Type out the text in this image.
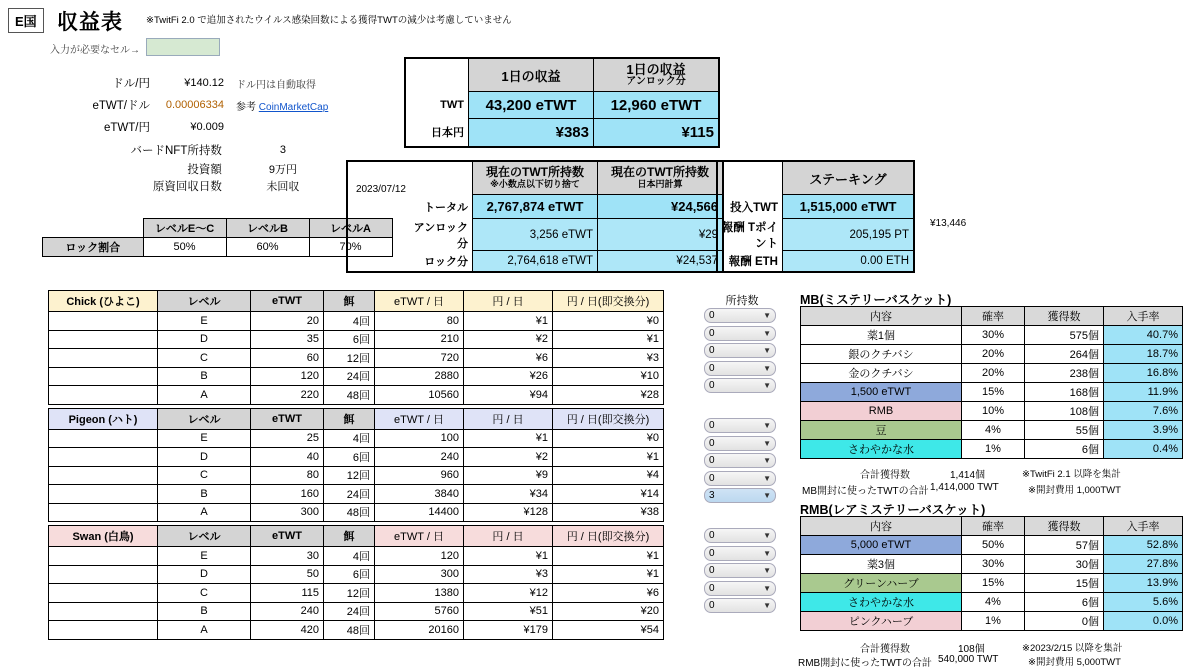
E国 収益表 ※TwitFi 2.0 で追加されたウイルス感染回数による獲得TWTの減少は考慮していません
入力が必要なセル→
ドル/円	¥140.12	ドル円は自動取得
eTWT/ドル	0.00006334	参考 CoinMarketCap
eTWT/円	¥0.009	
バードNFT所持数	3
投資額	9万円
原資回収日数	未回収
	レベルE～C	レベルB	レベルA
ロック割合	50%	60%	70%

	1日の収益	1日の収益
アンロック分

TWT	43,200 eTWT	12,960 eTWT
日本円	¥383	¥115
2023/07/12		
現在のTWT所持数
※小数点以下切り捨て

現在のTWT所持数
日本円計算

	トータル	2,767,874 eTWT	¥24,566
	アンロック分	3,256 eTWT	¥29
	ロック分	2,764,618 eTWT	¥24,537
	ステーキング
投入TWT	1,515,000 eTWT
報酬 Tポイント	205,195 PT
報酬 ETH	0.00 ETH
¥13,446
Chick (ひよこ)	レベル	eTWT	餌	eTWT / 日	円 / 日	円 / 日(即交換分)
	E	20	4回	80	¥1	¥0
	D	35	6回	210	¥2	¥1
	C	60	12回	720	¥6	¥3
	B	120	24回	2880	¥26	¥10
	A	220	48回	10560	¥94	¥28
Pigeon (ハト)	レベル	eTWT	餌	eTWT / 日	円 / 日	円 / 日(即交換分)
	E	25	4回	100	¥1	¥0
	D	40	6回	240	¥2	¥1
	C	80	12回	960	¥9	¥4
	B	160	24回	3840	¥34	¥14
	A	300	48回	14400	¥128	¥38
Swan (白鳥)	レベル	eTWT	餌	eTWT / 日	円 / 日	円 / 日(即交換分)
	E	30	4回	120	¥1	¥1
	D	50	6回	300	¥3	¥1
	C	115	12回	1380	¥12	¥6
	B	240	24回	5760	¥51	¥20
	A	420	48回	20160	¥179	¥54
所持数
0	▼
0	▼
0	▼
0	▼
0	▼
0	▼
0	▼
0	▼
0	▼
3	▼
0	▼
0	▼
0	▼
0	▼
0	▼
MB(ミステリーバスケット)
内容	確率	獲得数	入手率
薬1個	30%	575個	40.7%
銀のクチバシ	20%	264個	18.7%
金のクチバシ	20%	238個	16.8%
1,500 eTWT	15%	168個	11.9%
RMB	10%	108個	7.6%
豆	4%	55個	3.9%
さわやかな水	1%	6個	0.4%
合計獲得数	1,414個	※TwitFi 2.1 以降を集計
MB開封に使ったTWTの合計 1,414,000 TWT	※開封費用 1,000TWT
RMB(レアミステリーバスケット)
内容	確率	獲得数	入手率
5,000 eTWT	50%	57個	52.8%
薬3個	30%	30個	27.8%
グリーンハーブ	15%	15個	13.9%
さわやかな水	4%	6個	5.6%
ピンクハーブ	1%	0個	0.0%
合計獲得数	108個	※2023/2/15 以降を集計
RMB開封に使ったTWTの合計 540,000 TWT	※開封費用 5,000TWT
